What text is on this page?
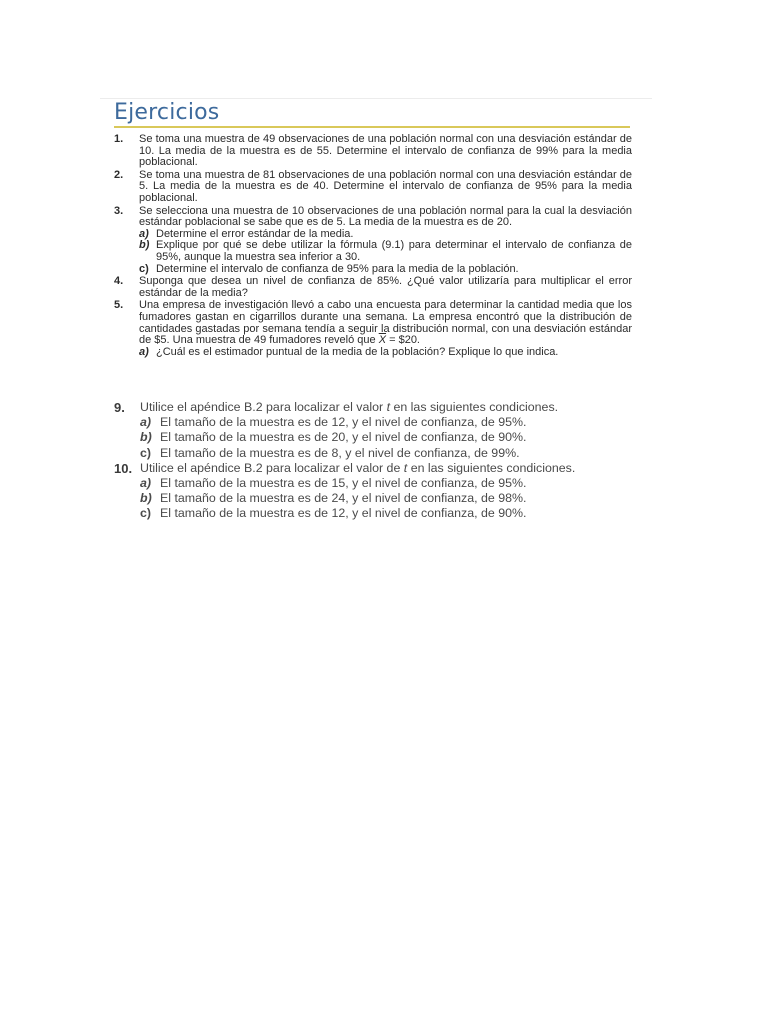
Ejercicios
1. Se toma una muestra de 49 observaciones de una población normal con una desviación estándar de 10. La media de la muestra es de 55. Determine el intervalo de confianza de 99% para la media poblacional.
2. Se toma una muestra de 81 observaciones de una población normal con una desviación estándar de 5. La media de la muestra es de 40. Determine el intervalo de confianza de 95% para la media poblacional.
3. Se selecciona una muestra de 10 observaciones de una población normal para la cual la desviación estándar poblacional se sabe que es de 5. La media de la muestra es de 20.
a) Determine el error estándar de la media.
b) Explique por qué se debe utilizar la fórmula (9.1) para determinar el intervalo de confianza de 95%, aunque la muestra sea inferior a 30.
c) Determine el intervalo de confianza de 95% para la media de la población.
4. Suponga que desea un nivel de confianza de 85%. ¿Qué valor utilizaría para multiplicar el error estándar de la media?
5. Una empresa de investigación llevó a cabo una encuesta para determinar la cantidad media que los fumadores gastan en cigarrillos durante una semana. La empresa encontró que la distribución de cantidades gastadas por semana tendía a seguir la distribución normal, con una desviación estándar de $5. Una muestra de 49 fumadores reveló que $\overline{X}$ = $20.
a) ¿Cuál es el estimador puntual de la media de la población? Explique lo que indica.
9. Utilice el apéndice B.2 para localizar el valor t en las siguientes condiciones.
a) El tamaño de la muestra es de 12, y el nivel de confianza, de 95%.
b) El tamaño de la muestra es de 20, y el nivel de confianza, de 90%.
c) El tamaño de la muestra es de 8, y el nivel de confianza, de 99%.
10. Utilice el apéndice B.2 para localizar el valor de t en las siguientes condiciones.
a) El tamaño de la muestra es de 15, y el nivel de confianza, de 95%.
b) El tamaño de la muestra es de 24, y el nivel de confianza, de 98%.
c) El tamaño de la muestra es de 12, y el nivel de confianza, de 90%.
